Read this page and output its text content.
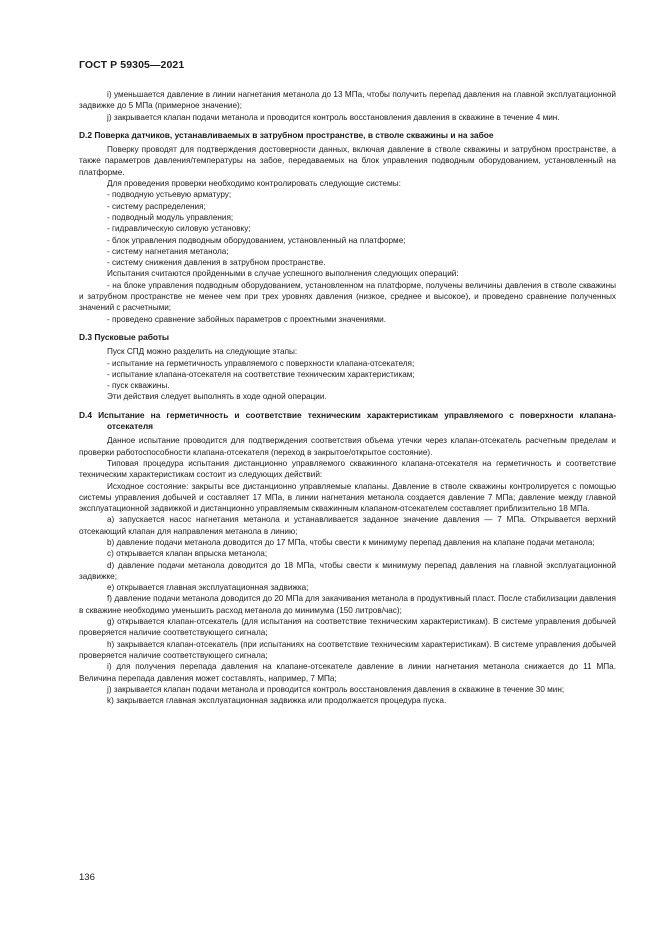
ГОСТ Р 59305—2021

i) уменьшается давление в линии нагнетания метанола до 13 МПа, чтобы получить перепад давления на главной эксплуатационной задвижке до 5 МПа (примерное значение);

j) закрывается клапан подачи метанола и проводится контроль восстановления давления в скважине в течение 4 мин.

D.2 Поверка датчиков, устанавливаемых в затрубном пространстве, в стволе скважины и на забое

Поверку проводят для подтверждения достоверности данных, включая давление в стволе скважины и затрубном пространстве, а также параметров давления/температуры на забое, передаваемых на блок управления подводным оборудованием, установленный на платформе.

Для проведения проверки необходимо контролировать следующие системы:

- подводную устьевую арматуру;

- систему распределения;

- подводный модуль управления;

- гидравлическую силовую установку;

- блок управления подводным оборудованием, установленный на платформе;

- систему нагнетания метанола;

- систему снижения давления в затрубном пространстве.

Испытания считаются пройденными в случае успешного выполнения следующих операций:

- на блоке управления подводным оборудованием, установленном на платформе, получены величины давления в стволе скважины и затрубном пространстве не менее чем при трех уровнях давления (низкое, среднее и высокое), и проведено сравнение полученных значений с расчетными;

- проведено сравнение забойных параметров с проектными значениями.

D.3 Пусковые работы

Пуск СПД можно разделить на следующие этапы:

- испытание на герметичность управляемого с поверхности клапана-отсекателя;

- испытание клапана-отсекателя на соответствие техническим характеристикам;

- пуск скважины.

Эти действия следует выполнять в ходе одной операции.

D.4 Испытание на герметичность и соответствие техническим характеристикам управляемого с поверхности клапана-отсекателя

Данное испытание проводится для подтверждения соответствия объема утечки через клапан-отсекатель расчетным пределам и проверки работоспособности клапана-отсекателя (переход в закрытое/открытое состояние).

Типовая процедура испытания дистанционно управляемого скважинного клапана-отсекателя на герметичность и соответствие техническим характеристикам состоит из следующих действий:

Исходное состояние: закрыты все дистанционно управляемые клапаны. Давление в стволе скважины контролируется с помощью системы управления добычей и составляет 17 МПа, в линии нагнетания метанола создается давление 7 МПа; давление между главной эксплуатационной задвижкой и дистанционно управляемым скважинным клапаном-отсекателем составляет приблизительно 18 МПа.

a) запускается насос нагнетания метанола и устанавливается заданное значение давления — 7 МПа. Открывается верхний отсекающий клапан для направления метанола в линию;

b) давление подачи метанола доводится до 17 МПа, чтобы свести к минимуму перепад давления на клапане подачи метанола;

c) открывается клапан впрыска метанола;

d) давление подачи метанола доводится до 18 МПа, чтобы свести к минимуму перепад давления на главной эксплуатационной задвижке;

e) открывается главная эксплуатационная задвижка;

f) давление подачи метанола доводится до 20 МПа для закачивания метанола в продуктивный пласт. После стабилизации давления в скважине необходимо уменьшить расход метанола до минимума (150 литров/час);

g) открывается клапан-отсекатель (для испытания на соответствие техническим характеристикам). В системе управления добычей проверяется наличие соответствующего сигнала;

h) закрывается клапан-отсекатель (при испытаниях на соответствие техническим характеристикам). В системе управления добычей проверяется наличие соответствующего сигнала;

i) для получения перепада давления на клапане-отсекателе давление в линии нагнетания метанола снижается до 11 МПа. Величина перепада давления может составлять, например, 7 МПа;

j) закрывается клапан подачи метанола и проводится контроль восстановления давления в скважине в течение 30 мин;

k) закрывается главная эксплуатационная задвижка или продолжается процедура пуска.

136
